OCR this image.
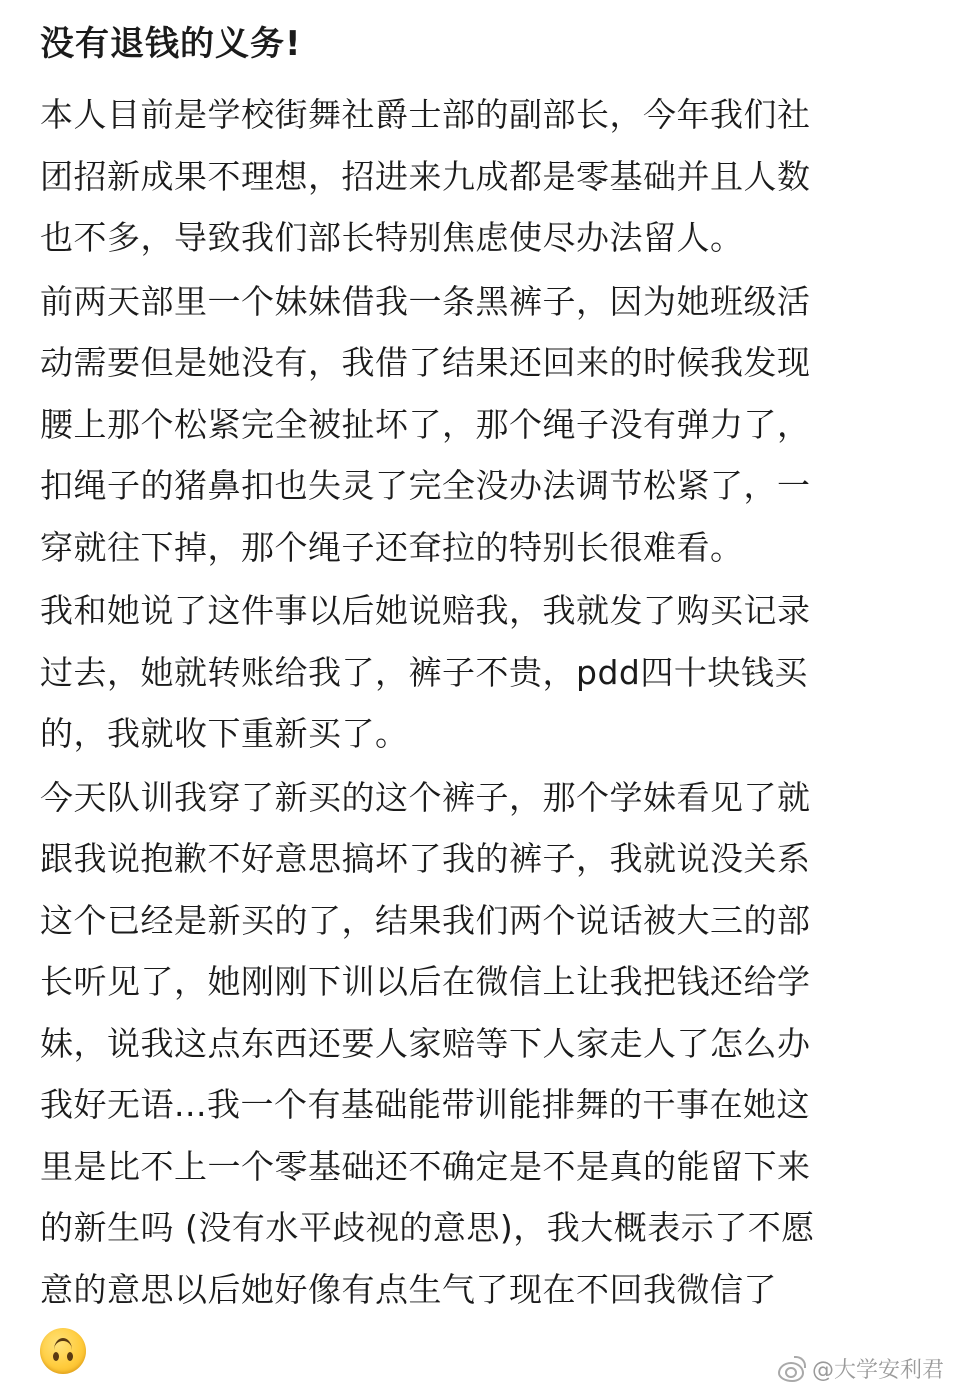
没有退钱的义务!

本人目前是学校街舞社爵士部的副部长，今年我们社
团招新成果不理想，招进来九成都是零基础并且人数
也不多，导致我们部长特别焦虑使尽办法留人。

前两天部里一个妹妹借我一条黑裤子，因为她班级活
动需要但是她没有，我借了结果还回来的时候我发现
腰上那个松紧完全被扯坏了，那个绳子没有弹力了，
扣绳子的猪鼻扣也失灵了完全没办法调节松紧了，一
穿就往下掉，那个绳子还耷拉的特别长很难看。

我和她说了这件事以后她说赔我，我就发了购买记录
过去，她就转账给我了，裤子不贵，pdd四十块钱买
的，我就收下重新买了。

今天队训我穿了新买的这个裤子，那个学妹看见了就
跟我说抱歉不好意思搞坏了我的裤子，我就说没关系
这个已经是新买的了，结果我们两个说话被大三的部
长听见了，她刚刚下训以后在微信上让我把钱还给学
妹，说我这点东西还要人家赔等下人家走人了怎么办
我好无语...我一个有基础能带训能排舞的干事在她这
里是比不上一个零基础还不确定是不是真的能留下来
的新生吗 (没有水平歧视的意思)，我大概表示了不愿
意的意思以后她好像有点生气了现在不回我微信了

@大学安利君
